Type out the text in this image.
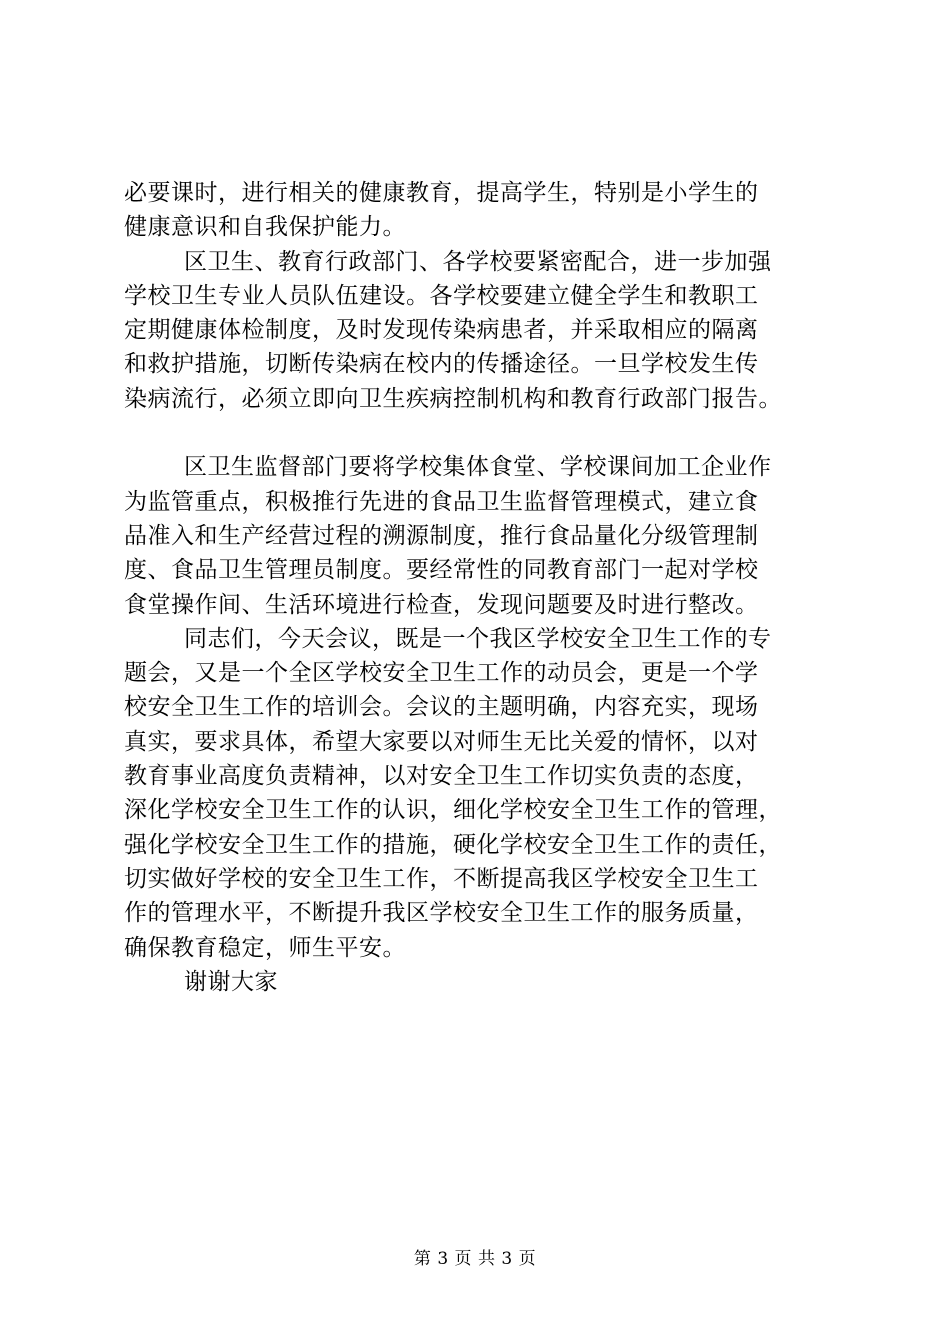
必要课时，进行相关的健康教育，提高学生，特别是小学生的
健康意识和自我保护能力。
区卫生、教育行政部门、各学校要紧密配合，进一步加强
学校卫生专业人员队伍建设。各学校要建立健全学生和教职工
定期健康体检制度，及时发现传染病患者，并采取相应的隔离
和救护措施，切断传染病在校内的传播途径。一旦学校发生传
染病流行，必须立即向卫生疾病控制机构和教育行政部门报告。
区卫生监督部门要将学校集体食堂、学校课间加工企业作
为监管重点，积极推行先进的食品卫生监督管理模式，建立食
品准入和生产经营过程的溯源制度，推行食品量化分级管理制
度、食品卫生管理员制度。要经常性的同教育部门一起对学校
食堂操作间、生活环境进行检查，发现问题要及时进行整改。
同志们，今天会议，既是一个我区学校安全卫生工作的专
题会，又是一个全区学校安全卫生工作的动员会，更是一个学
校安全卫生工作的培训会。会议的主题明确，内容充实，现场
真实，要求具体，希望大家要以对师生无比关爱的情怀，以对
教育事业高度负责精神，以对安全卫生工作切实负责的态度，
深化学校安全卫生工作的认识，细化学校安全卫生工作的管理，
强化学校安全卫生工作的措施，硬化学校安全卫生工作的责任，
切实做好学校的安全卫生工作，不断提高我区学校安全卫生工
作的管理水平，不断提升我区学校安全卫生工作的服务质量，
确保教育稳定，师生平安。
谢谢大家
第 3 页 共 3 页
